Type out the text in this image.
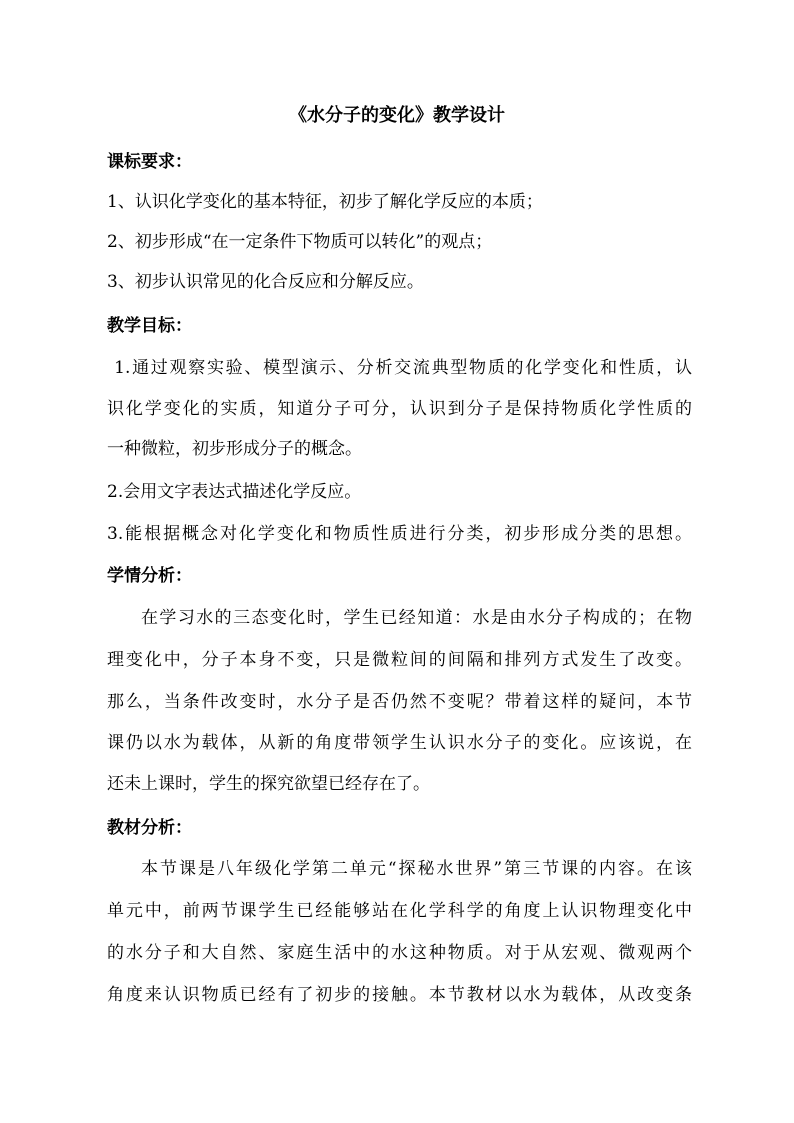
《水分子的变化》教学设计
课标要求：
1、认识化学变化的基本特征，初步了解化学反应的本质；
2、初步形成“在一定条件下物质可以转化”的观点；
3、初步认识常见的化合反应和分解反应。
教学目标：
1.通过观察实验、模型演示、分析交流典型物质的化学变化和性质，认
识化学变化的实质，知道分子可分，认识到分子是保持物质化学性质的
一种微粒，初步形成分子的概念。
2.会用文字表达式描述化学反应。
3.能根据概念对化学变化和物质性质进行分类，初步形成分类的思想。
学情分析：
在学习水的三态变化时，学生已经知道：水是由水分子构成的；在物
理变化中，分子本身不变，只是微粒间的间隔和排列方式发生了改变。
那么，当条件改变时，水分子是否仍然不变呢？带着这样的疑问，本节
课仍以水为载体，从新的角度带领学生认识水分子的变化。应该说，在
还未上课时，学生的探究欲望已经存在了。
教材分析：
本节课是八年级化学第二单元“探秘水世界”第三节课的内容。在该
单元中，前两节课学生已经能够站在化学科学的角度上认识物理变化中
的水分子和大自然、家庭生活中的水这种物质。对于从宏观、微观两个
角度来认识物质已经有了初步的接触。本节教材以水为载体，从改变条
